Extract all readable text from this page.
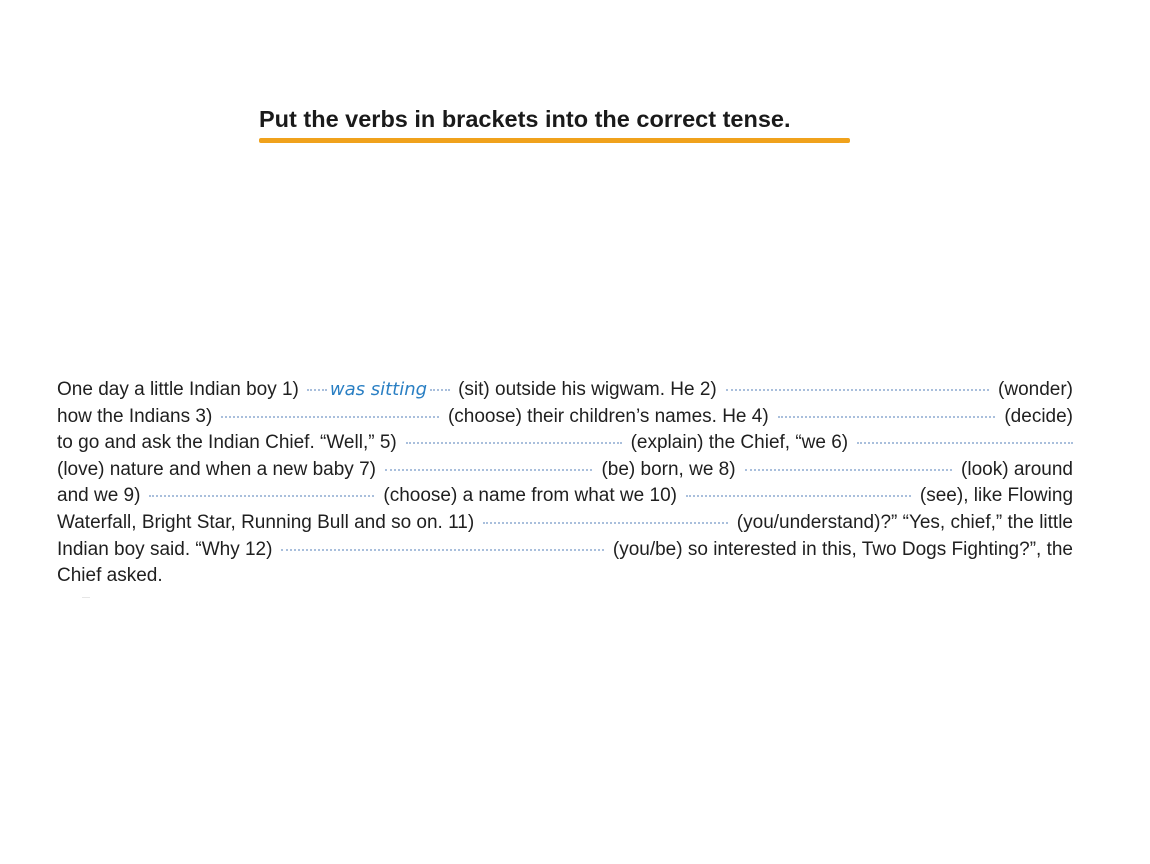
Put the verbs in brackets into the correct tense.
One day a little Indian boy 1) was sitting (sit) outside his wigwam. He 2)	(wonder)
how the Indians 3)	(choose) their children’s names. He 4)	(decide)
to go and ask the Indian Chief. “Well,” 5)	(explain) the Chief, “we 6)
(love) nature and when a new baby 7)	(be) born, we 8)	(look) around
and we 9)	(choose) a name from what we 10)	(see), like Flowing
Waterfall, Bright Star, Running Bull and so on. 11)	(you/understand)?” “Yes, chief,” the little
Indian boy said. “Why 12)	(you/be) so interested in this, Two Dogs Fighting?”, the
Chief asked.
